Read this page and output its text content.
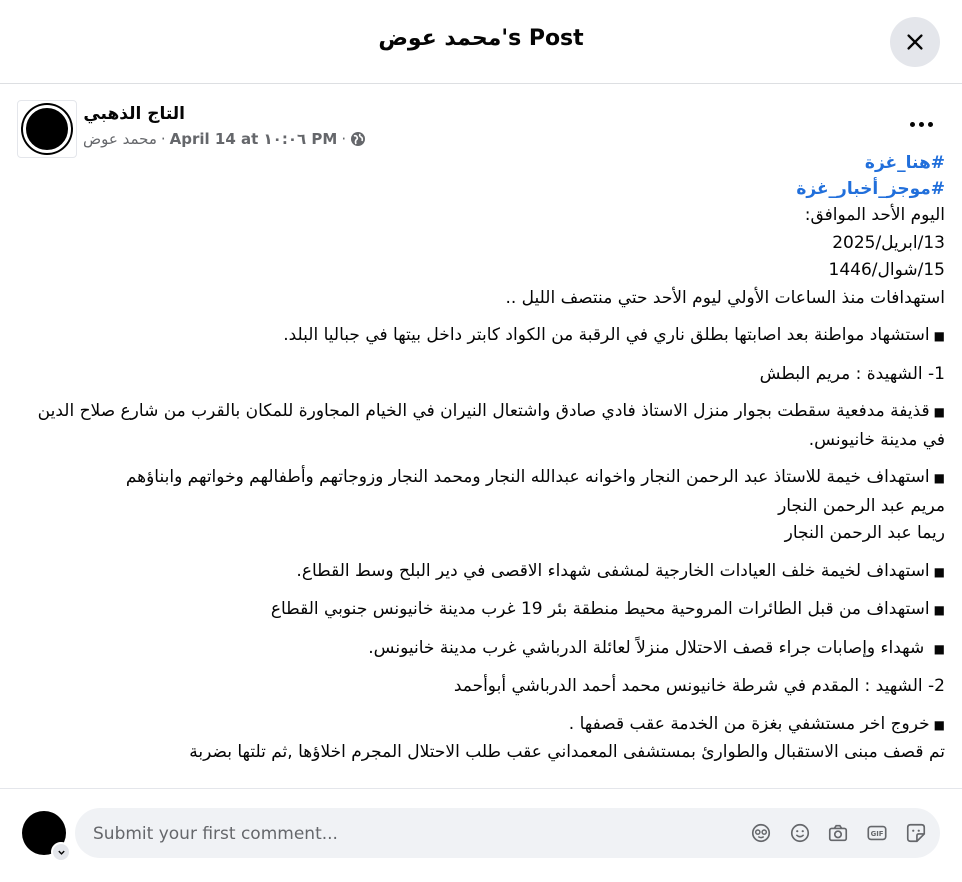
محمد عوض's Post
التاج الذهبي
محمد عوض · April 14 at ١٠:٠٦ PM ·
#هنا_غزة
#موجز_أخبار_غزة
اليوم الأحد الموافق:
13/ابريل/2025
15/شوال/1446
استهدافات منذ الساعات الأولي ليوم الأحد حتي منتصف الليل ..
■استشهاد مواطنة بعد اصابتها بطلق ناري في الرقبة من الكواد كابتر داخل بيتها في جباليا البلد.
1- الشهيدة : مريم البطش
■قذيفة مدفعية سقطت بجوار منزل الاستاذ فادي صادق واشتعال النيران في الخيام المجاورة للمكان بالقرب من شارع صلاح الدين في مدينة خانيونس.
■استهداف خيمة للاستاذ عبد الرحمن النجار واخوانه عبدالله النجار ومحمد النجار وزوجاتهم وأطفالهم وخواتهم وابناؤهم
مريم عبد الرحمن النجار
ريما عبد الرحمن النجار
■استهداف لخيمة خلف العيادات الخارجية لمشفى شهداء الاقصى في دير البلح وسط القطاع.
■استهداف من قبل الطائرات المروحية محيط منطقة بئر 19 غرب مدينة خانيونس جنوبي القطاع
■ شهداء وإصابات جراء قصف الاحتلال منزلاً لعائلة الدرباشي غرب مدينة خانيونس.
2- الشهيد : المقدم في شرطة خانيونس محمد أحمد الدرباشي أبوأحمد
■خروج اخر مستشفي بغزة من الخدمة عقب قصفها .
تم قصف مبنى الاستقبال والطوارئ بمستشفى المعمداني عقب طلب الاحتلال المجرم اخلاؤها ,ثم تلتها بضربة
Submit your first comment...
GIF
